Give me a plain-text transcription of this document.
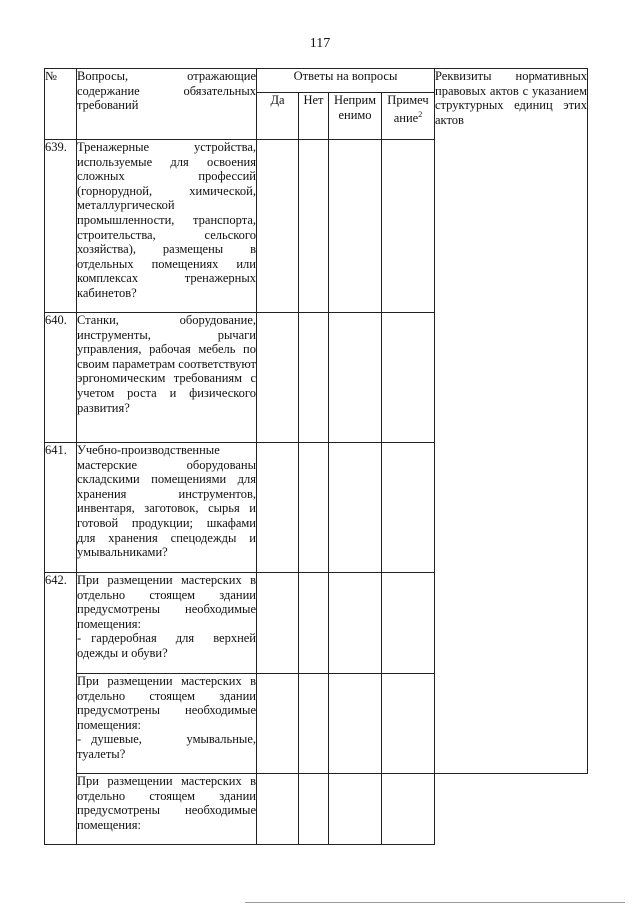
117
№	Вопросы, отражающие содержание обязательных требований	Ответы на вопросы				Реквизиты нормативных правовых актов с указанием структурных единиц этих актов
		Да	Нет	Неприм енимо	Примеч ание$^2$
639.	Тренажерные устройства, используемые для освоения сложных профессий (горнорудной, химической, металлургической промышленности, транспорта, строительства, сельского хозяйства), размещены в отдельных помещениях или комплексах тренажерных кабинетов?					
640.	Станки, оборудование, инструменты, рычаги управления, рабочая мебель по своим параметрам соответствуют эргономическим требованиям с учетом роста и физического развития?					
641.	Учебно-производственные мастерские оборудованы складскими помещениями для хранения инструментов, инвентаря, заготовок, сырья и готовой продукции; шкафами для хранения спецодежды и умывальниками?					
642.	При размещении мастерских в отдельно стоящем здании предусмотрены необходимые помещения:
- гардеробная для верхней одежды и обуви?					
	При размещении мастерских в отдельно стоящем здании предусмотрены необходимые помещения:
- душевые, умывальные, туалеты?					
	При размещении мастерских в отдельно стоящем здании предусмотрены необходимые помещения:					
